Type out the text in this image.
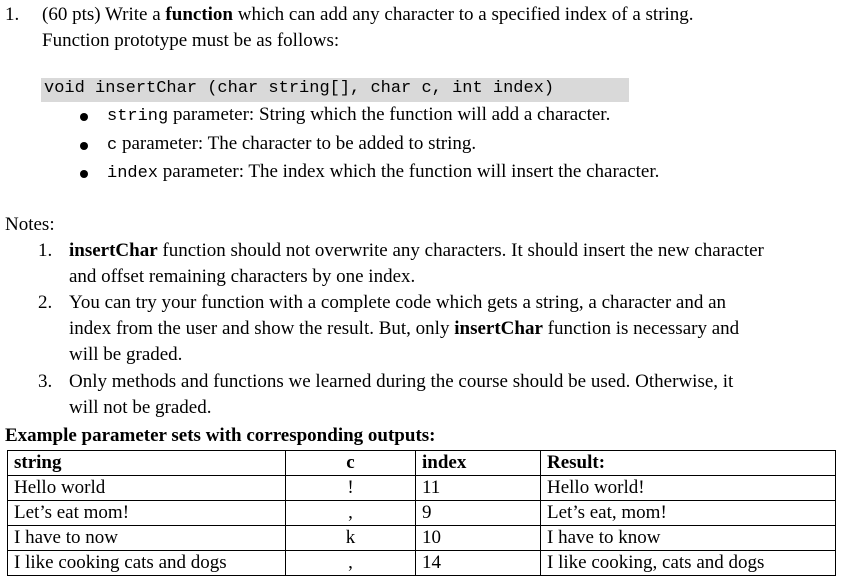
1. (60 pts) Write a function which can add any character to a specified index of a string.
Function prototype must be as follows:
void insertChar (char string[], char c, int index)
string parameter: String which the function will add a character.
c parameter: The character to be added to string.
index parameter: The index which the function will insert the character.
Notes:
1. insertChar function should not overwrite any characters. It should insert the new character
and offset remaining characters by one index.
2. You can try your function with a complete code which gets a string, a character and an
index from the user and show the result. But, only insertChar function is necessary and
will be graded.
3. Only methods and functions we learned during the course should be used. Otherwise, it
will not be graded.
Example parameter sets with corresponding outputs:
string	c	index	Result:
Hello world	!	11	Hello world!
Let’s eat mom!	,	9	Let’s eat, mom!
I have to now	k	10	I have to know
I like cooking cats and dogs	,	14	I like cooking, cats and dogs
